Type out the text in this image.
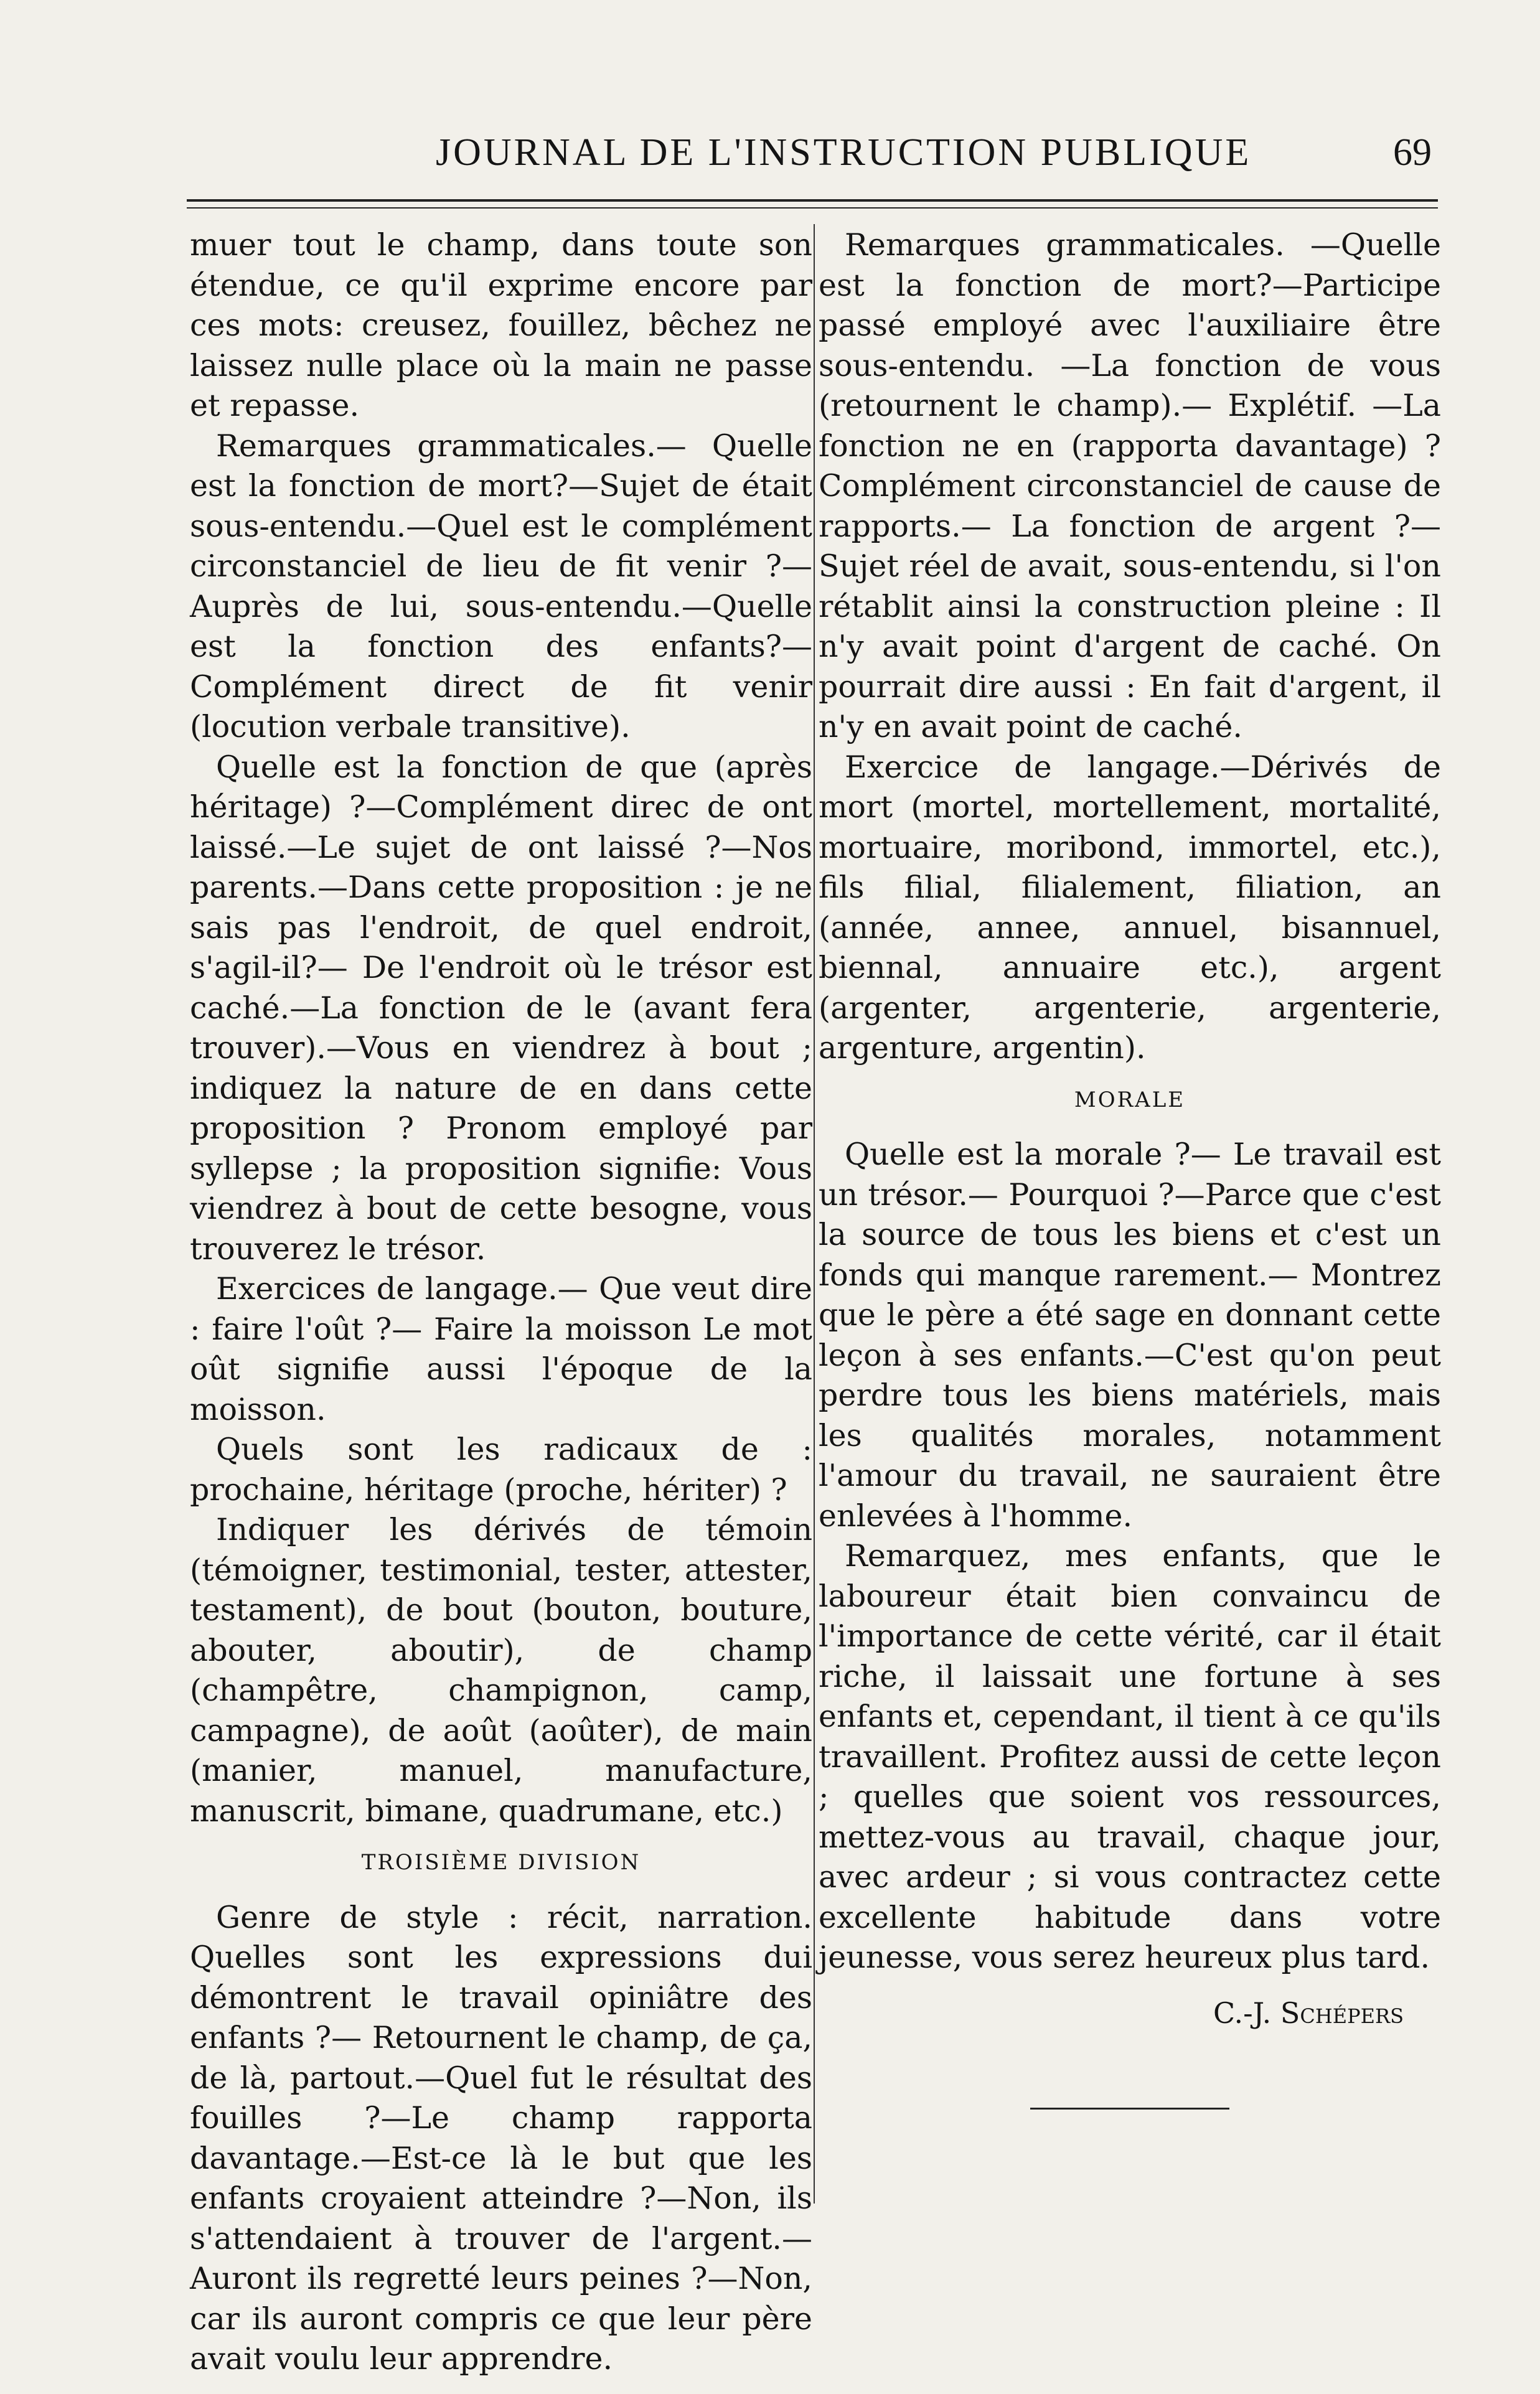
JOURNAL DE L'INSTRUCTION PUBLIQUE	69

muer tout le champ, dans toute son étendue, ce qu'il exprime encore par ces mots: creusez, fouillez, bêchez ne laissez nulle place où la main ne passe et repasse.

Remarques grammaticales.— Quelle est la fonction de mort?—Sujet de était sous-entendu.—Quel est le complément circonstanciel de lieu de fit venir ?—Auprès de lui, sous-entendu.—Quelle est la fonction des enfants?—Complément direct de fit venir (locution verbale transitive).

Quelle est la fonction de que (après héritage) ?—Complément direc de ont laissé.—Le sujet de ont laissé ?—Nos parents.—Dans cette proposition : je ne sais pas l'endroit, de quel endroit, s'agil-il?— De l'endroit où le trésor est caché.—La fonction de le (avant fera trouver).—Vous en viendrez à bout ; indiquez la nature de en dans cette proposition ? Pronom employé par syllepse ; la proposition signifie: Vous viendrez à bout de cette besogne, vous trouverez le trésor.

Exercices de langage.— Que veut dire : faire l'oût ?— Faire la moisson Le mot oût signifie aussi l'époque de la moisson.

Quels sont les radicaux de : prochaine, héritage (proche, hériter) ?

Indiquer les dérivés de témoin (témoigner, testimonial, tester, attester, testament), de bout (bouton, bouture, abouter, aboutir), de champ (champêtre, champignon, camp, campagne), de août (aoûter), de main (manier, manuel, manufacture, manuscrit, bimane, quadrumane, etc.)

TROISIÈME DIVISION

Genre de style : récit, narration. Quelles sont les expressions dui démontrent le travail opiniâtre des enfants ?— Retournent le champ, de ça, de là, partout.—Quel fut le résultat des fouilles ?—Le champ rapporta davantage.—Est-ce là le but que les enfants croyaient atteindre ?—Non, ils s'attendaient à trouver de l'argent.— Auront ils regretté leurs peines ?—Non, car ils auront compris ce que leur père avait voulu leur apprendre.

Remarques grammaticales. —Quelle est la fonction de mort?—Participe passé employé avec l'auxiliaire être sous-entendu. —La fonction de vous (retournent le champ).— Explétif. —La fonction ne en (rapporta davantage) ? Complément circonstanciel de cause de rapports.— La fonction de argent ?—Sujet réel de avait, sous-entendu, si l'on rétablit ainsi la construction pleine : Il n'y avait point d'argent de caché. On pourrait dire aussi : En fait d'argent, il n'y en avait point de caché.

Exercice de langage.—Dérivés de mort (mortel, mortellement, mortalité, mortuaire, moribond, immortel, etc.), fils filial, filialement, filiation, an (année, annee, annuel, bisannuel, biennal, annuaire etc.), argent (argenter, argenterie, argenterie, argenture, argentin).

MORALE

Quelle est la morale ?— Le travail est un trésor.— Pourquoi ?—Parce que c'est la source de tous les biens et c'est un fonds qui manque rarement.— Montrez que le père a été sage en donnant cette leçon à ses enfants.—C'est qu'on peut perdre tous les biens matériels, mais les qualités morales, notamment l'amour du travail, ne sauraient être enlevées à l'homme.

Remarquez, mes enfants, que le laboureur était bien convaincu de l'importance de cette vérité, car il était riche, il laissait une fortune à ses enfants et, cependant, il tient à ce qu'ils travaillent. Profitez aussi de cette leçon ; quelles que soient vos ressources, mettez-vous au travail, chaque jour, avec ardeur ; si vous contractez cette excellente habitude dans votre jeunesse, vous serez heureux plus tard.

C.-J. Schépers
